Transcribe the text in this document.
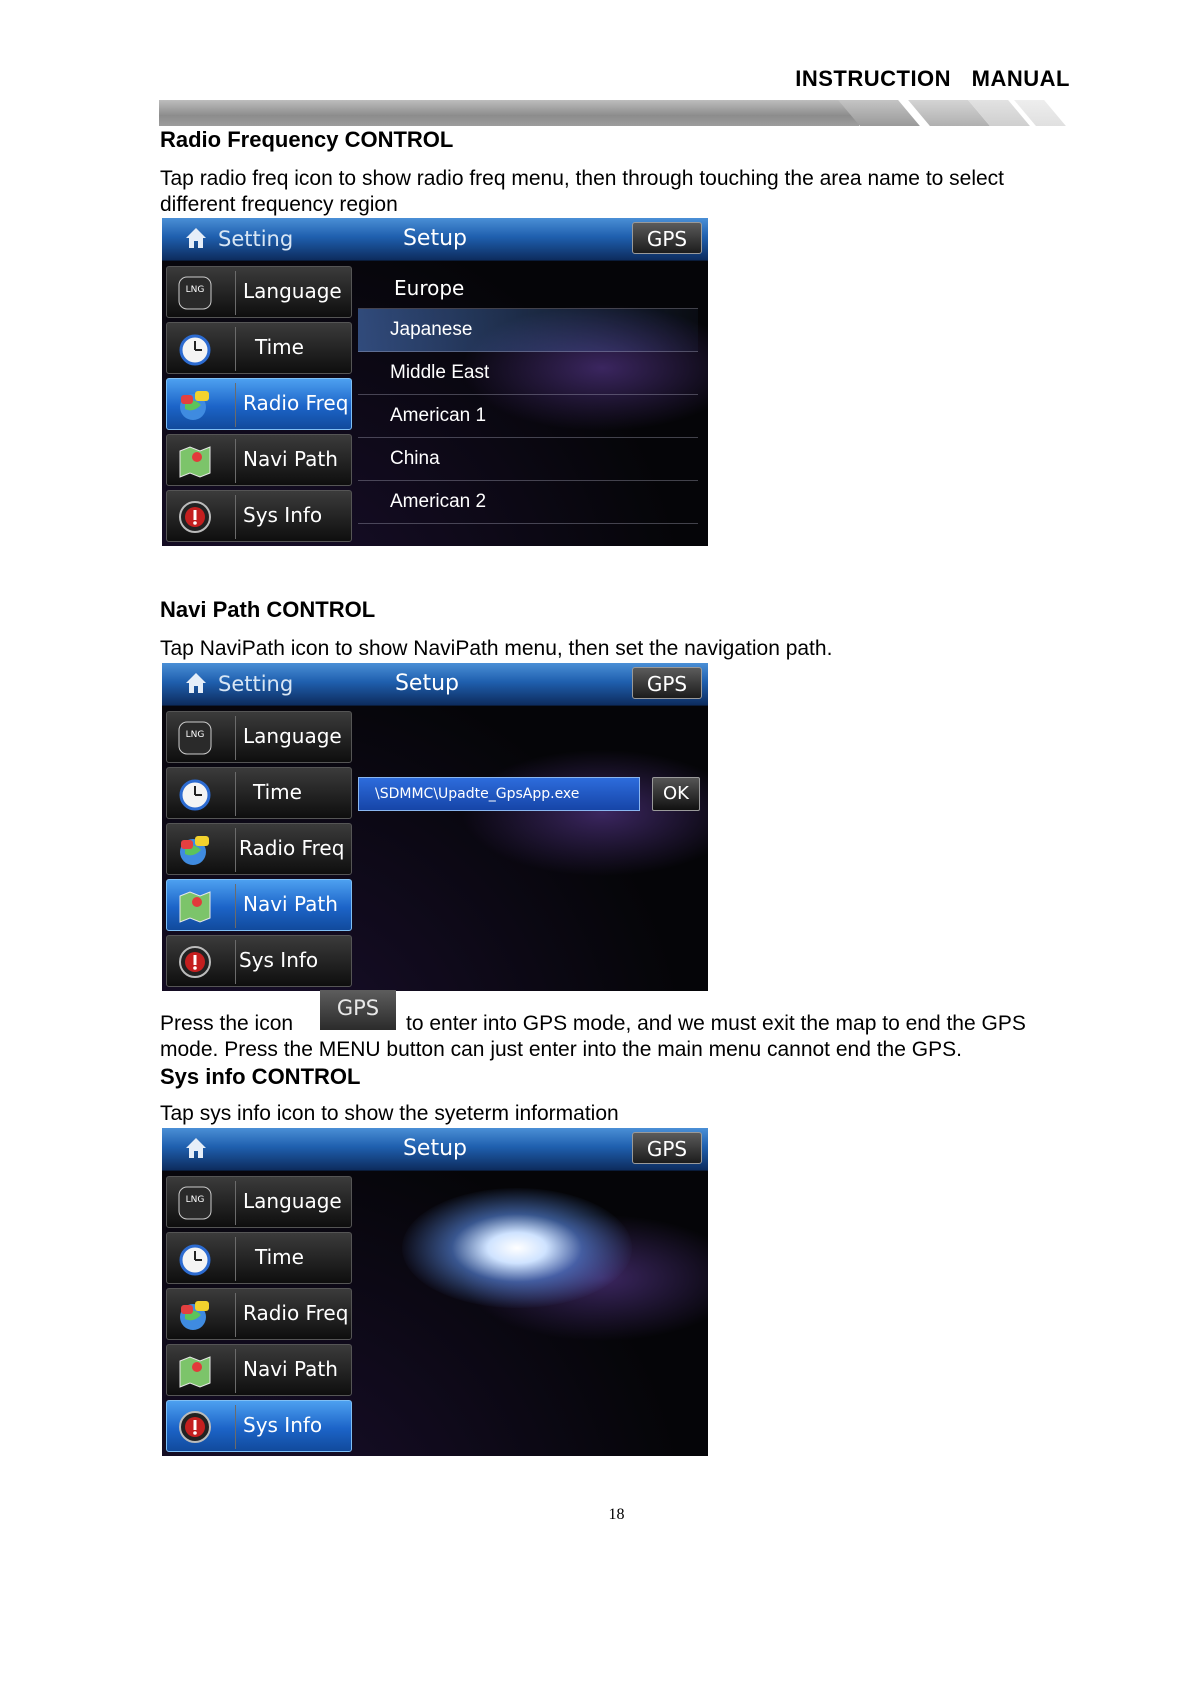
INSTRUCTION MANUAL
Radio Frequency CONTROL
Tap radio freq icon to show radio freq menu, then through touching the area name to select different frequency region
Setting	Setup	GPS
LNG Language
Time
Radio Freq
Navi Path
Sys Info
Europe
Japanese
Middle East
American 1
China
American 2
Navi Path CONTROL
Tap NaviPath icon to show NaviPath menu, then set the navigation path.
Setting	Setup	GPS
LNG Language
Time
Radio Freq
Navi Path
Sys Info
\SDMMC\Upadte_GpsApp.exe	OK
Press the icon
GPS
to enter into GPS mode, and we must exit the map to end the GPS
mode. Press the MENU button can just enter into the main menu cannot end the GPS.
Sys info CONTROL
Tap sys info icon to show the syeterm information
Setup	GPS
LNG Language
Time
Radio Freq
Navi Path
Sys Info
18
